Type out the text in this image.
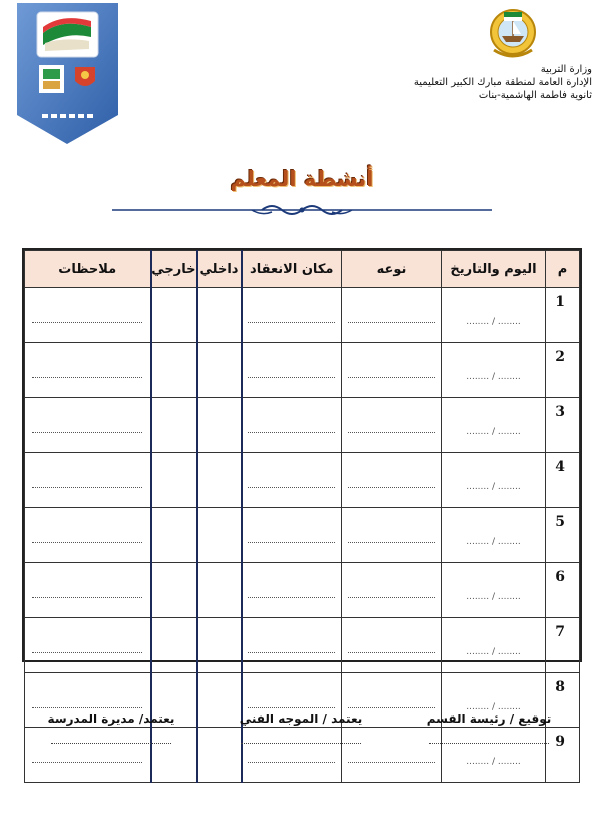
وزارة التربية
الإدارة العامة لمنطقة مبارك الكبير التعليمية
ثانوية فاطمة الهاشمية-بنات
أنشطة المعلم
م	اليوم والتاريخ	نوعه	مكان الانعقاد	داخلي	خارجي	ملاحظات
1	........ / ........	

2	........ / ........	

3	........ / ........	

4	........ / ........	

5	........ / ........	

6	........ / ........	

7	........ / ........	

8	........ / ........	

9	........ / ........	

توقيع / رئيسة القسم
يعتمد / الموجه الفني
يعتمد/ مديرة المدرسة
